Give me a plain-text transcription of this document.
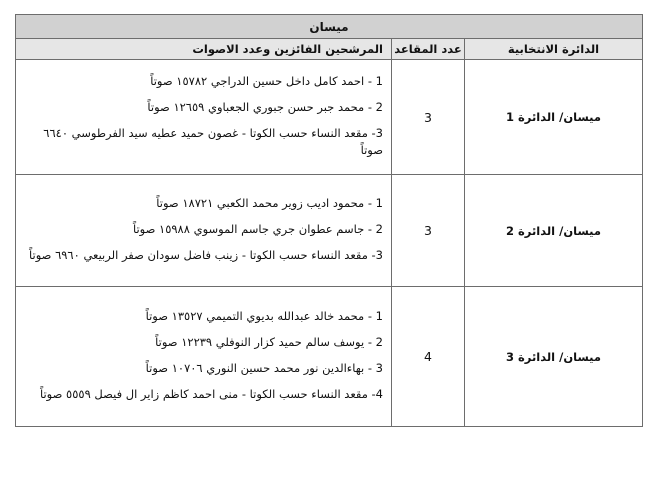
ميسان		
الدائرة الانتخابية	عدد المقاعد	المرشحين الفائزين وعدد الاصوات
ميسان/ الدائرة 1	3	1 - احمد كامل داخل حسين الدراجي ١٥٧٨٢ صوتاً
2 - محمد جبر حسن جبوري الجعباوي ١٢٦٥٩ صوتاً
3- مقعد النساء حسب الكوتا - غصون حميد عطيه سيد الفرطوسي ٦٦٤٠ صوتاً

ميسان/ الدائرة 2	3	1 - محمود اديب زوير محمد الكعبي ١٨٧٢١ صوتاً
2 - جاسم عطوان جري جاسم الموسوي ١٥٩٨٨ صوتاً
3- مقعد النساء حسب الكوتا - زينب فاضل سودان صفر الربيعي ٦٩٦٠ صوتاً

ميسان/ الدائرة 3	4	1 - محمد خالد عبدالله بديوي التميمي ١٣٥٢٧ صوتاً
2 - يوسف سالم حميد كزار النوفلي ١٢٢٣٩ صوتاً
3 - بهاءالدين نور محمد حسين النوري ١٠٧٠٦ صوتاً
4- مقعد النساء حسب الكوتا - منى احمد كاظم زاير ال فيصل ٥٥٥٩ صوتاً
